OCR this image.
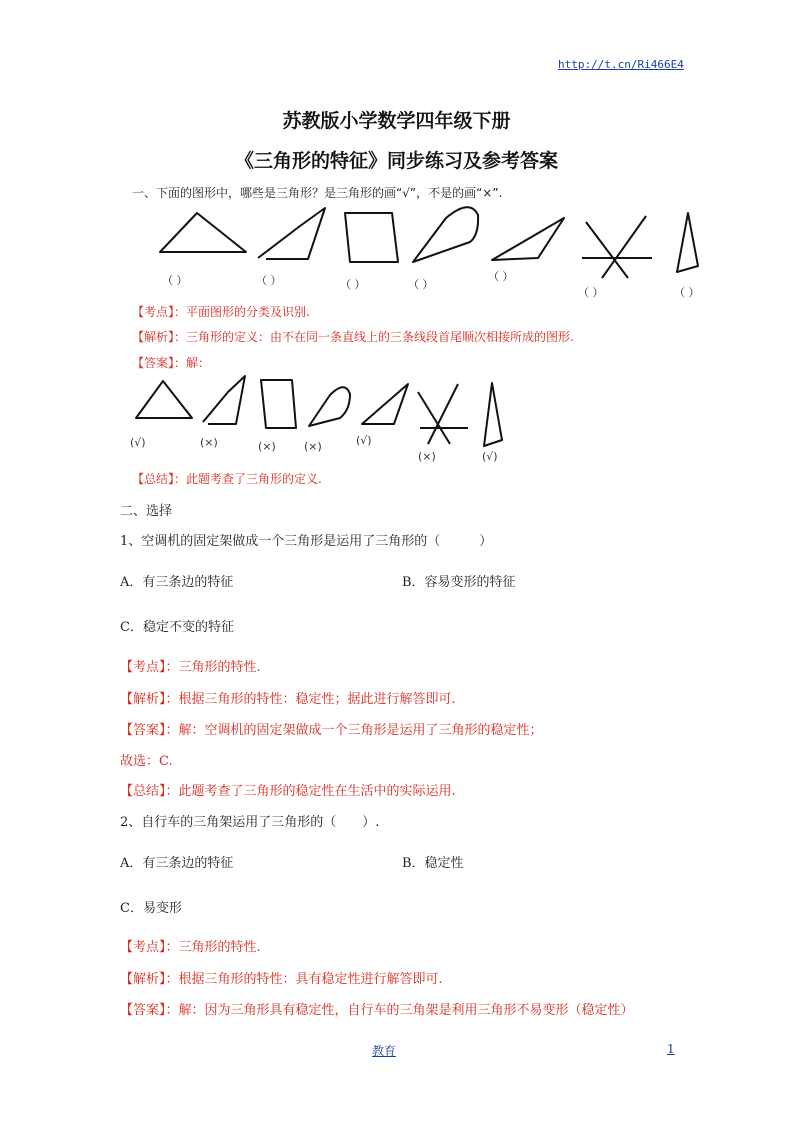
http://t.cn/Ri466E4
苏教版小学数学四年级下册
《三角形的特征》同步练习及参考答案
一、下面的图形中，哪些是三角形？是三角形的画“√”，不是的画“×”.
（ ）	（ ）	（ ）	（ ）
（ ）
（ ）	（ ）
【考点】：平面图形的分类及识别.
【解析】：三角形的定义：由不在同一条直线上的三条线段首尾顺次相接所成的图形.
【答案】：解：
(√)	(×)	(×)	(×)	(√)
(×)	(√)
【总结】：此题考查了三角形的定义.
二、选择
1、空调机的固定架做成一个三角形是运用了三角形的（　　　）
A．有三条边的特征	B．容易变形的特征
C．稳定不变的特征
【考点】：三角形的特性.
【解析】：根据三角形的特性：稳定性；据此进行解答即可.
【答案】：解：空调机的固定架做成一个三角形是运用了三角形的稳定性；
故选：C.
【总结】：此题考查了三角形的稳定性在生活中的实际运用.
2、自行车的三角架运用了三角形的（　　）.
A．有三条边的特征	B．稳定性
C．易变形
【考点】：三角形的特性.
【解析】：根据三角形的特性：具有稳定性进行解答即可.
【答案】：解：因为三角形具有稳定性，自行车的三角架是利用三角形不易变形（稳定性）
教育	1
